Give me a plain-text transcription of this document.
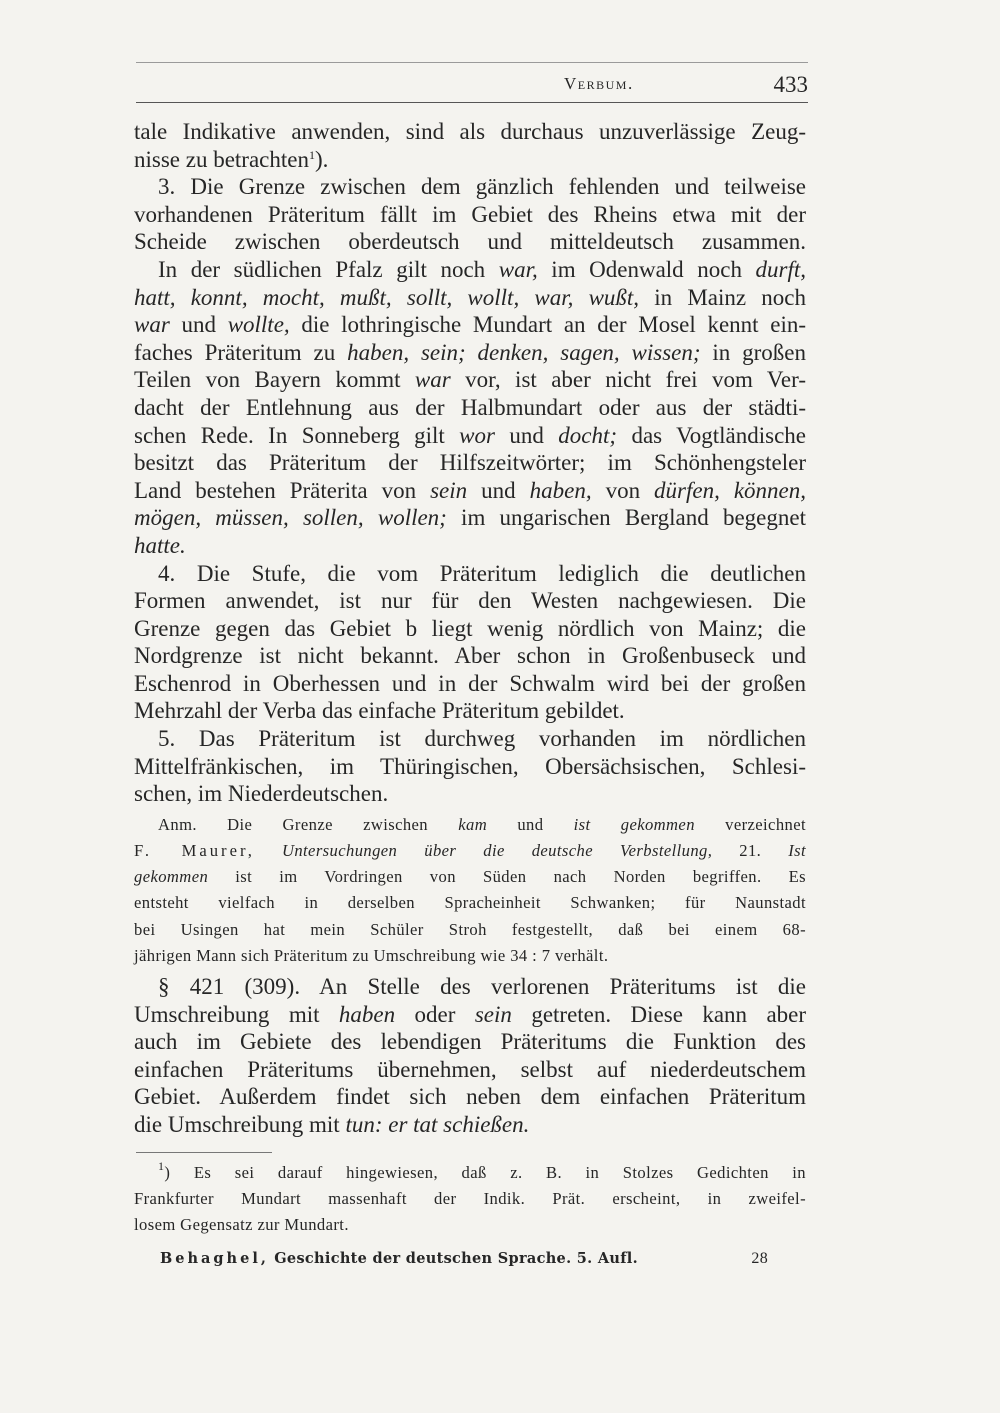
Verbum.	433
tale Indikative anwenden, sind als durchaus unzuverlässige Zeug-
nisse zu betrachten$^1$).
3. Die Grenze zwischen dem gänzlich fehlenden und teilweise
vorhandenen Präteritum fällt im Gebiet des Rheins etwa mit der
Scheide zwischen oberdeutsch und mitteldeutsch zusammen.
In der südlichen Pfalz gilt noch war, im Odenwald noch durft,
hatt, konnt, mocht, mußt, sollt, wollt, war, wußt, in Mainz noch
war und wollte, die lothringische Mundart an der Mosel kennt ein-
faches Präteritum zu haben, sein; denken, sagen, wissen; in großen
Teilen von Bayern kommt war vor, ist aber nicht frei vom Ver-
dacht der Entlehnung aus der Halbmundart oder aus der städti-
schen Rede. In Sonneberg gilt wor und docht; das Vogtländische
besitzt das Präteritum der Hilfszeitwörter; im Schönhengsteler
Land bestehen Präterita von sein und haben, von dürfen, können,
mögen, müssen, sollen, wollen; im ungarischen Bergland begegnet
hatte.
4. Die Stufe, die vom Präteritum lediglich die deutlichen
Formen anwendet, ist nur für den Westen nachgewiesen. Die
Grenze gegen das Gebiet b liegt wenig nördlich von Mainz; die
Nordgrenze ist nicht bekannt. Aber schon in Großenbuseck und
Eschenrod in Oberhessen und in der Schwalm wird bei der großen
Mehrzahl der Verba das einfache Präteritum gebildet.
5. Das Präteritum ist durchweg vorhanden im nördlichen
Mittelfränkischen, im Thüringischen, Obersächsischen, Schlesi-
schen, im Niederdeutschen.
Anm. Die Grenze zwischen kam und ist gekommen verzeichnet
F. Maurer, Untersuchungen über die deutsche Verbstellung, 21. Ist
gekommen ist im Vordringen von Süden nach Norden begriffen. Es
entsteht vielfach in derselben Spracheinheit Schwanken; für Naunstadt
bei Usingen hat mein Schüler Stroh festgestellt, daß bei einem 68-
jährigen Mann sich Präteritum zu Umschreibung wie 34 : 7 verhält.
§ 421 (309). An Stelle des verlorenen Präteritums ist die
Umschreibung mit haben oder sein getreten. Diese kann aber
auch im Gebiete des lebendigen Präteritums die Funktion des
einfachen Präteritums übernehmen, selbst auf niederdeutschem
Gebiet. Außerdem findet sich neben dem einfachen Präteritum
die Umschreibung mit tun: er tat schießen.
$^1$) Es sei darauf hingewiesen, daß z. B. in Stolzes Gedichten in
Frankfurter Mundart massenhaft der Indik. Prät. erscheint, in zweifel-
losem Gegensatz zur Mundart.
Behaghel, Geschichte der deutschen Sprache. 5. Aufl.	28
